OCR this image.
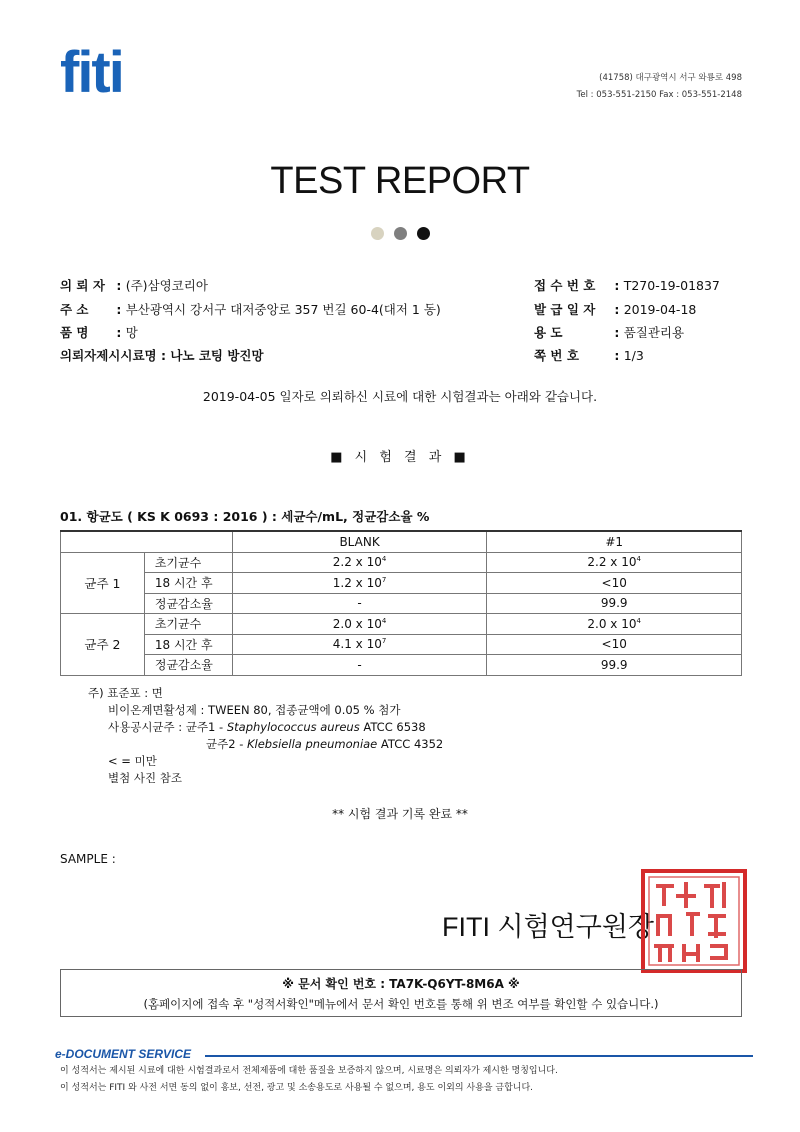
fiti	(41758) 대구광역시 서구 와룡로 498
Tel : 053-551-2150 Fax : 053-551-2148
TEST REPORT

의 뢰 자 : (주)삼영코리아
주 소 : 부산광역시 강서구 대저중앙로 357 번길 60-4(대저 1 동)
품 명 : 망
의뢰자제시시료명 : 나노 코팅 방진망
접 수 번 호 : T270-19-01837
발 급 일 자 : 2019-04-18
용 도	: 품질관리용
쪽 번 호 : 1/3
2019-04-05 일자로 의뢰하신 시료에 대한 시험결과는 아래와 같습니다.
■ 시 험 결 과 ■
01. 항균도 ( KS K 0693 : 2016 ) : 세균수/mL, 정균감소율 %
		BLANK	#1
균주 1	초기균수	2.2 x $10^4$	2.2 x $10^4$
	18 시간 후	1.2 x $10^7$	<10
	정균감소율	-	99.9
균주 2	초기균수	2.0 x $10^4$	2.0 x $10^4$
	18 시간 후	4.1 x $10^7$	<10
	정균감소율	-	99.9
주) 표준포 : 면
비이온계면활성제 : TWEEN 80, 접종균액에 0.05 % 첨가
사용공시균주 : 균주1 - Staphylococcus aureus ATCC 6538
균주2 - Klebsiella pneumoniae ATCC 4352
< = 미만
별첨 사진 참조
** 시험 결과 기록 완료 **
SAMPLE :
FITI 시험연구원장
※ 문서 확인 번호 : TA7K-Q6YT-8M6A ※
(홈페이지에 접속 후 "성적서확인"메뉴에서 문서 확인 번호를 통해 위 변조 여부를 확인할 수 있습니다.)
e-DOCUMENT SERVICE
이 성적서는 제시된 시료에 대한 시험결과로서 전체제품에 대한 품질을 보증하지 않으며, 시료명은 의뢰자가 제시한 명칭입니다.
이 성적서는 FITI 와 사전 서면 동의 없이 홍보, 선전, 광고 및 소송용도로 사용될 수 없으며, 용도 이외의 사용을 금합니다.
